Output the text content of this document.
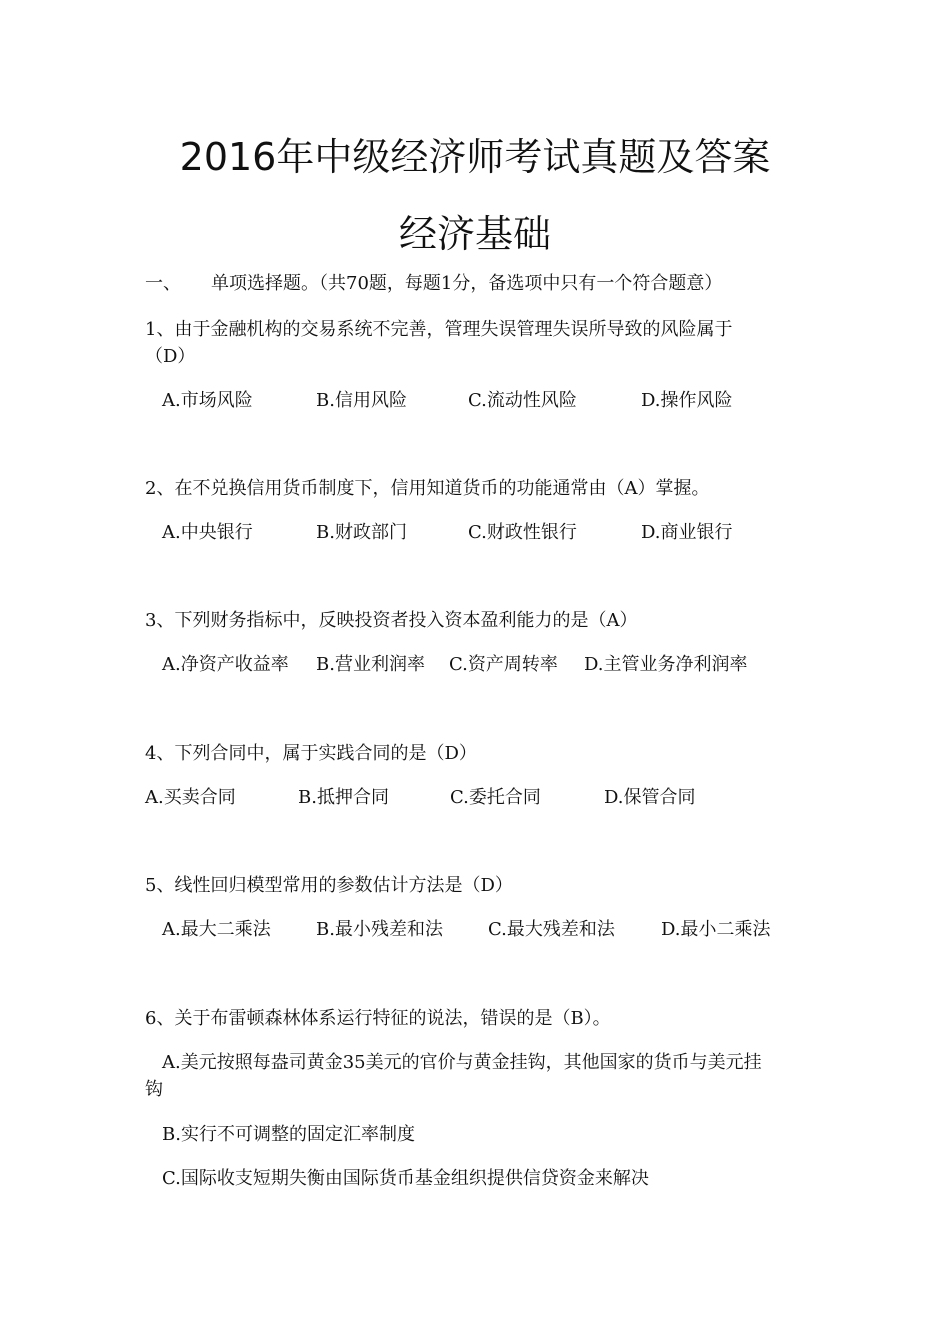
2016年中级经济师考试真题及答案
经济基础
一、 单项选择题。（共70题，每题1分，备选项中只有一个符合题意）
1、由于金融机构的交易系统不完善，管理失误管理失误所导致的风险属于
（D）
A.市场风险	B.信用风险	C.流动性风险	D.操作风险
2、在不兑换信用货币制度下，信用知道货币的功能通常由（A）掌握。
A.中央银行	B.财政部门	C.财政性银行	D.商业银行
3、下列财务指标中，反映投资者投入资本盈利能力的是（A）
A.净资产收益率 B.营业利润率 C.资产周转率 D.主管业务净利润率
4、下列合同中，属于实践合同的是（D）
A.买卖合同	B.抵押合同	C.委托合同	D.保管合同
5、线性回归模型常用的参数估计方法是（D）
A.最大二乘法	B.最小残差和法	C.最大残差和法	D.最小二乘法
6、关于布雷顿森林体系运行特征的说法，错误的是（B）。
A.美元按照每盎司黄金35美元的官价与黄金挂钩，其他国家的货币与美元挂
钩
B.实行不可调整的固定汇率制度
C.国际收支短期失衡由国际货币基金组织提供信贷资金来解决
